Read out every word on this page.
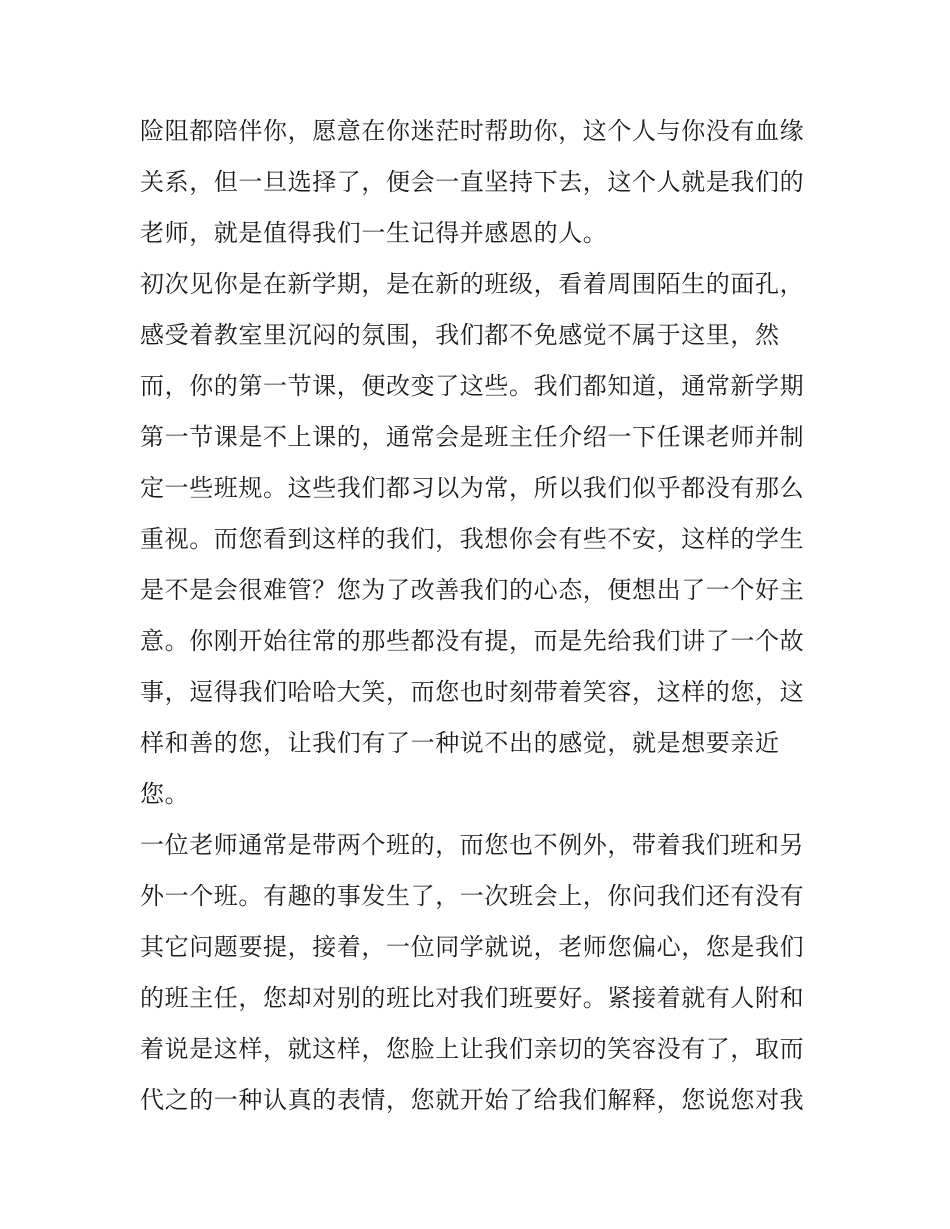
险阻都陪伴你，愿意在你迷茫时帮助你，这个人与你没有血缘
关系，但一旦选择了，便会一直坚持下去，这个人就是我们的
老师，就是值得我们一生记得并感恩的人。
初次见你是在新学期，是在新的班级，看着周围陌生的面孔，
感受着教室里沉闷的氛围，我们都不免感觉不属于这里，然
而，你的第一节课，便改变了这些。我们都知道，通常新学期
第一节课是不上课的，通常会是班主任介绍一下任课老师并制
定一些班规。这些我们都习以为常，所以我们似乎都没有那么
重视。而您看到这样的我们，我想你会有些不安，这样的学生
是不是会很难管？您为了改善我们的心态，便想出了一个好主
意。你刚开始往常的那些都没有提，而是先给我们讲了一个故
事，逗得我们哈哈大笑，而您也时刻带着笑容，这样的您，这
样和善的您，让我们有了一种说不出的感觉，就是想要亲近
您。
一位老师通常是带两个班的，而您也不例外，带着我们班和另
外一个班。有趣的事发生了，一次班会上，你问我们还有没有
其它问题要提，接着，一位同学就说，老师您偏心，您是我们
的班主任，您却对别的班比对我们班要好。紧接着就有人附和
着说是这样，就这样，您脸上让我们亲切的笑容没有了，取而
代之的一种认真的表情，您就开始了给我们解释，您说您对我
